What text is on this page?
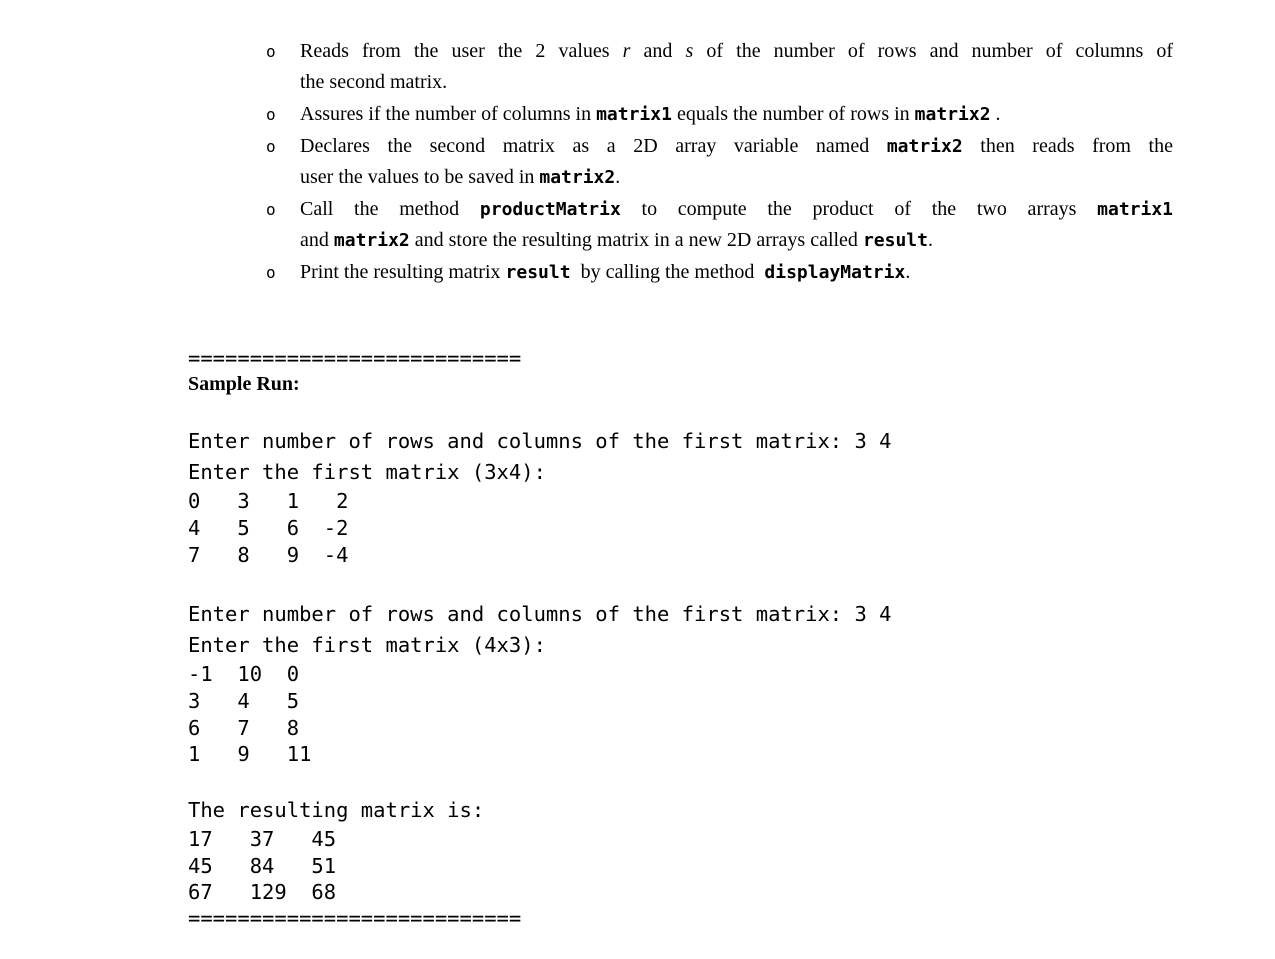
o	Reads from the user the 2 values r and s of the number of rows and number of columns of
the second matrix.
o	Assures if the number of columns in matrix1 equals the number of rows in matrix2 .
o	Declares the second matrix as a 2D array variable named matrix2 then reads from the
user the values to be saved in matrix2.
o	Call the method productMatrix to compute the product of the two arrays matrix1
and matrix2 and store the resulting matrix in a new 2D arrays called result.
o	Print the resulting matrix result  by calling the method  displayMatrix.
===========================
Sample Run:
Enter number of rows and columns of the first matrix: 3 4
Enter the first matrix (3x4):
0   3   1   2
4   5   6  -2
7   8   9  -4
Enter number of rows and columns of the first matrix: 3 4
Enter the first matrix (4x3):
-1  10  0
3   4   5
6   7   8
1   9   11
The resulting matrix is:
17   37   45
45   84   51
67   129  68
===========================
